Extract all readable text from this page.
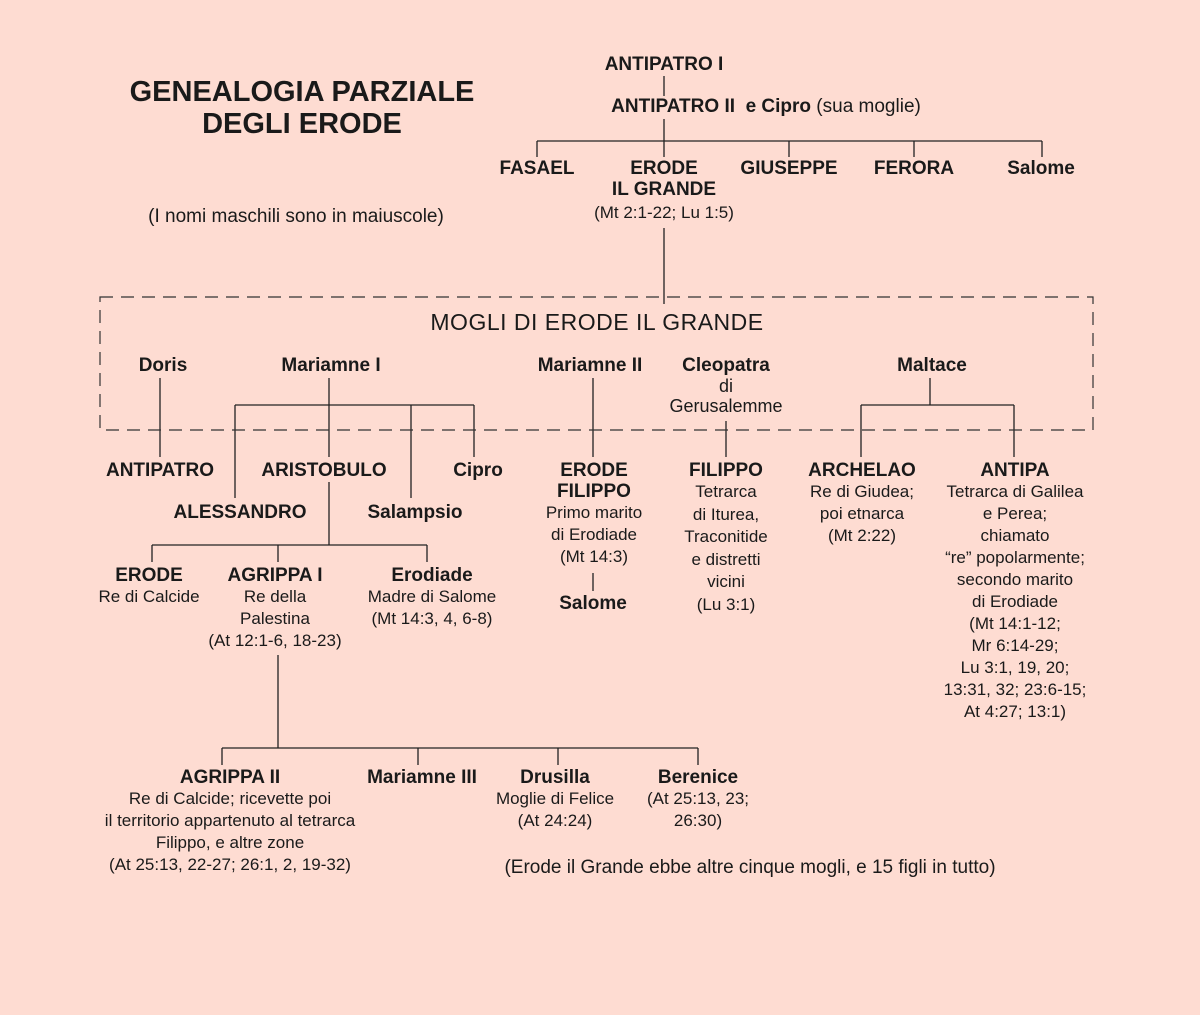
GENEALOGIA PARZIALE
DEGLI ERODE
(I nomi maschili sono in maiuscole)
ANTIPATRO I
ANTIPATRO II e Cipro (sua moglie)
FASAEL	ERODE
IL GRANDE
(Mt 2:1-22; Lu 1:5)
GIUSEPPE FERORA	Salome
MOGLI DI ERODE IL GRANDE
Doris	Mariamne I	Mariamne II	Cleopatra
di
Gerusalemme
Maltace
ANTIPATRO ARISTOBULO	Cipro
ALESSANDRO	Salampsio
ERODE
FILIPPO
Primo marito
di Erodiade
(Mt 14:3)
Salome
FILIPPO
Tetrarca
di Iturea,
Traconitide
e distretti
vicini
(Lu 3:1)
ARCHELAO
Re di Giudea;
poi etnarca
(Mt 2:22)
ANTIPA
Tetrarca di Galilea
e Perea;
chiamato
“re” popolarmente;
secondo marito
di Erodiade
(Mt 14:1-12;
Mr 6:14-29;
Lu 3:1, 19, 20;
13:31, 32; 23:6-15;
At 4:27; 13:1)
ERODE
Re di Calcide
AGRIPPA I
Re della
Palestina
(At 12:1-6, 18-23)
Erodiade
Madre di Salome
(Mt 14:3, 4, 6-8)
AGRIPPA II
Re di Calcide; ricevette poi
il territorio appartenuto al tetrarca
Filippo, e altre zone
(At 25:13, 22-27; 26:1, 2, 19-32)
Mariamne III	Drusilla
Moglie di Felice
(At 24:24)
Berenice
(At 25:13, 23;
26:30)
(Erode il Grande ebbe altre cinque mogli, e 15 figli in tutto)
